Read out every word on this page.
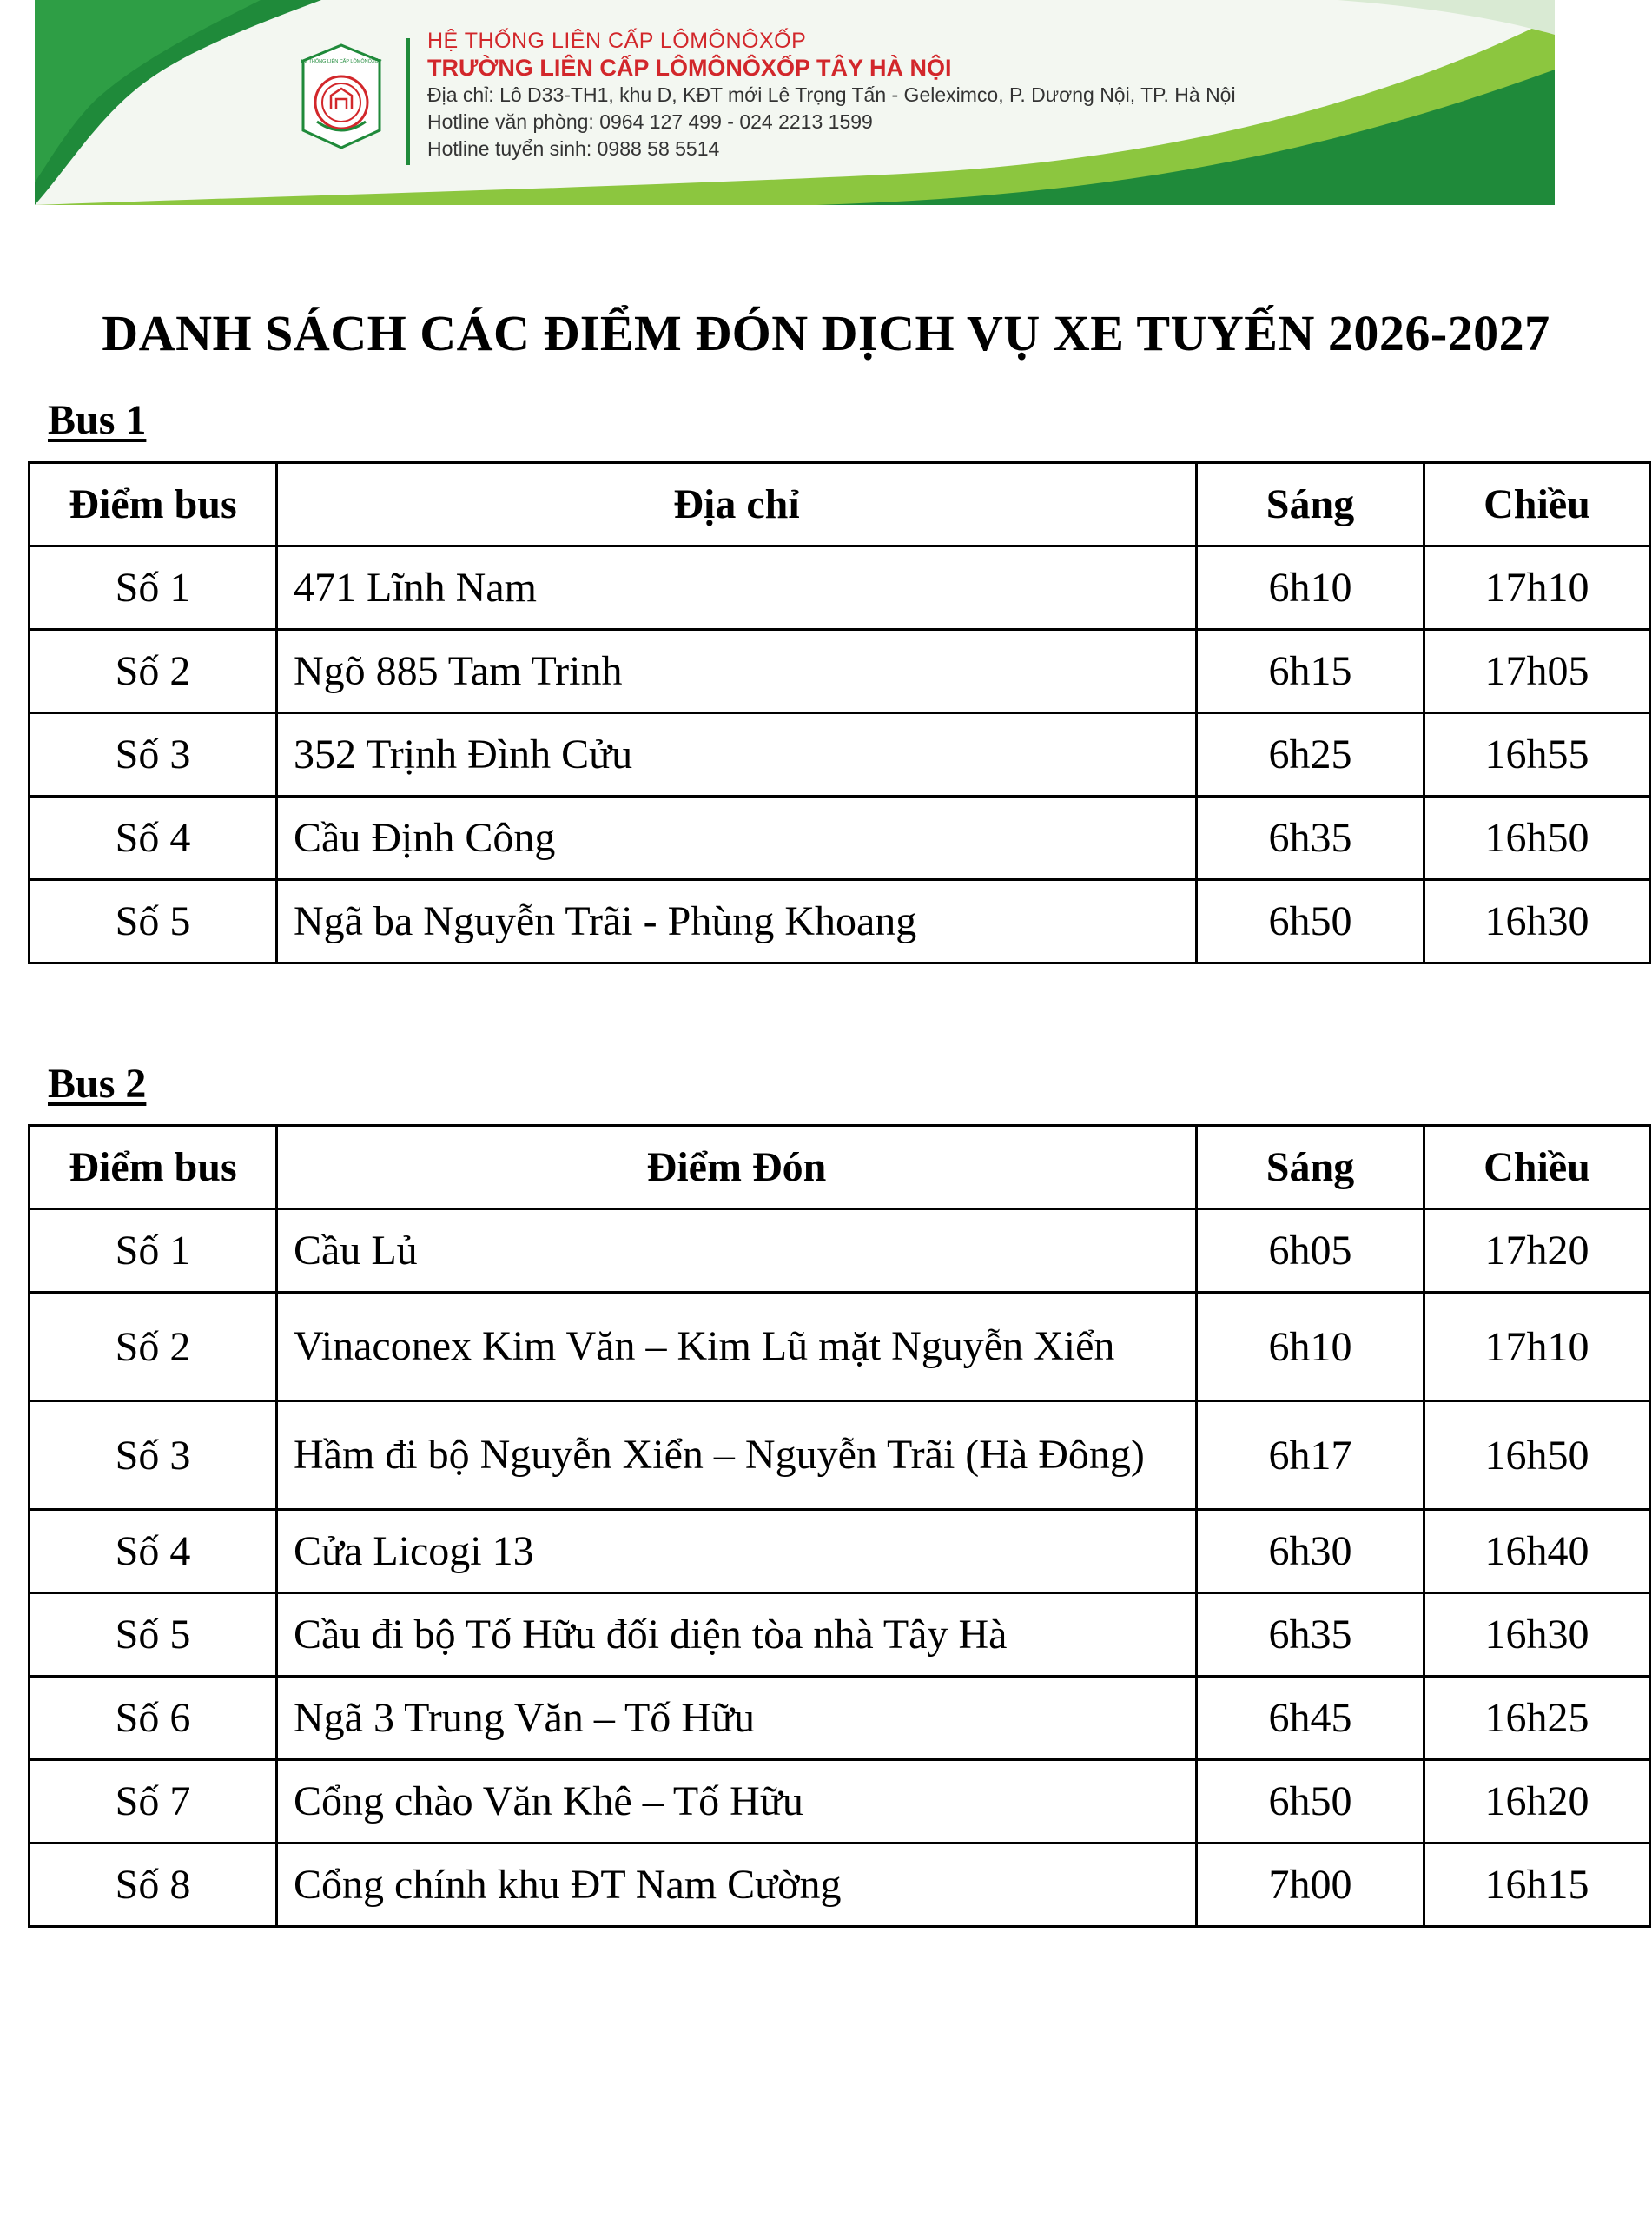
HỆ THỐNG LIÊN CẤP LÔMÔNÔXỐP
HỆ THỐNG LIÊN CẤP LÔMÔNÔXỐP
TRƯỜNG LIÊN CẤP LÔMÔNÔXỐP TÂY HÀ NỘI
Địa chỉ: Lô D33-TH1, khu D, KĐT mới Lê Trọng Tấn - Geleximco, P. Dương Nội, TP. Hà Nội
Hotline văn phòng: 0964 127 499 - 024 2213 1599
Hotline tuyển sinh: 0988 58 5514
DANH SÁCH CÁC ĐIỂM ĐÓN DỊCH VỤ XE TUYẾN 2026-2027
Bus 1
Điểm bus	Địa chỉ	Sáng	Chiều
Số 1	471 Lĩnh Nam	6h10	17h10
Số 2	Ngõ 885 Tam Trinh	6h15	17h05
Số 3	352 Trịnh Đình Cửu	6h25	16h55
Số 4	Cầu Định Công	6h35	16h50
Số 5	Ngã ba Nguyễn Trãi - Phùng Khoang	6h50	16h30
Bus 2
Điểm bus	Điểm Đón	Sáng	Chiều
Số 1	Cầu Lủ	6h05	17h20
Số 2	Vinaconex Kim Văn – Kim Lũ mặt Nguyễn Xiển	6h10	17h10
Số 3	Hầm đi bộ Nguyễn Xiển – Nguyễn Trãi (Hà Đông)	6h17	16h50
Số 4	Cửa Licogi 13	6h30	16h40
Số 5	Cầu đi bộ Tố Hữu đối diện tòa nhà Tây Hà	6h35	16h30
Số 6	Ngã 3 Trung Văn – Tố Hữu	6h45	16h25
Số 7	Cổng chào Văn Khê – Tố Hữu	6h50	16h20
Số 8	Cổng chính khu ĐT Nam Cường	7h00	16h15
